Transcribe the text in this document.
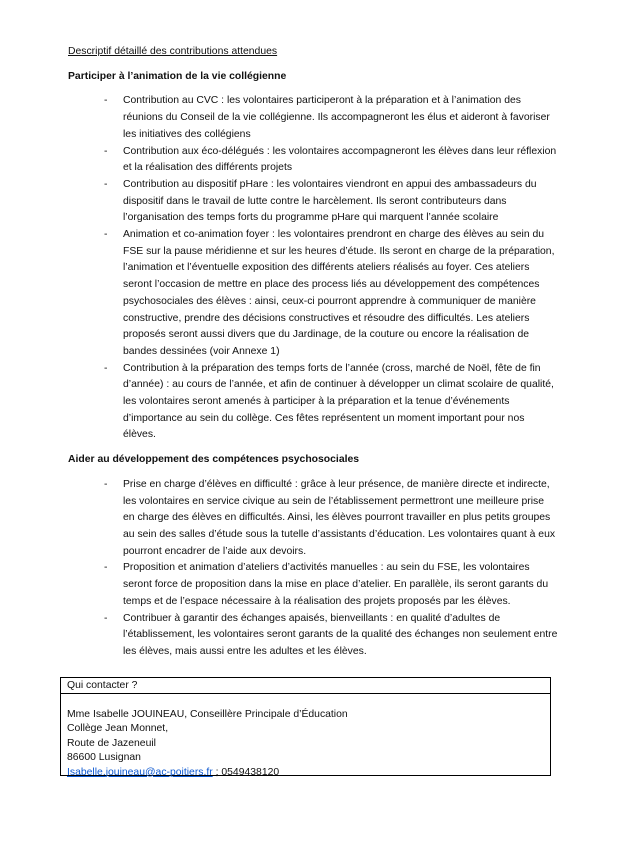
Descriptif détaillé des contributions attendues

Participer à l’animation de la vie collégienne

- Contribution au CVC : les volontaires participeront à la préparation et à l’animation des réunions du Conseil de la vie collégienne. Ils accompagneront les élus et aideront à favoriser les initiatives des collégiens
- Contribution aux éco-délégués : les volontaires accompagneront les élèves dans leur réflexion et la réalisation des différents projets
- Contribution au dispositif pHare : les volontaires viendront en appui des ambassadeurs du dispositif dans le travail de lutte contre le harcèlement. Ils seront contributeurs dans l’organisation des temps forts du programme pHare qui marquent l’année scolaire
- Animation et co-animation foyer : les volontaires prendront en charge des élèves au sein du FSE sur la pause méridienne et sur les heures d’étude. Ils seront en charge de la préparation, l’animation et l’éventuelle exposition des différents ateliers réalisés au foyer. Ces ateliers seront l’occasion de mettre en place des process liés au développement des compétences psychosociales des élèves : ainsi, ceux-ci pourront apprendre à communiquer de manière constructive, prendre des décisions constructives et résoudre des difficultés. Les ateliers proposés seront aussi divers que du Jardinage, de la couture ou encore la réalisation de bandes dessinées (voir Annexe 1)
- Contribution à la préparation des temps forts de l’année (cross, marché de Noël, fête de fin d’année) : au cours de l’année, et afin de continuer à développer un climat scolaire de qualité, les volontaires seront amenés à participer à la préparation et la tenue d’événements d’importance au sein du collège. Ces fêtes représentent un moment important pour nos élèves.

Aider au développement des compétences psychosociales

- Prise en charge d’élèves en difficulté : grâce à leur présence, de manière directe et indirecte, les volontaires en service civique au sein de l’établissement permettront une meilleure prise en charge des élèves en difficultés. Ainsi, les élèves pourront travailler en plus petits groupes au sein des salles d’étude sous la tutelle d’assistants d’éducation. Les volontaires quant à eux pourront encadrer de l’aide aux devoirs.
- Proposition et animation d’ateliers d’activités manuelles : au sein du FSE, les volontaires seront force de proposition dans la mise en place d’atelier. En parallèle, ils seront garants du temps et de l’espace nécessaire à la réalisation des projets proposés par les élèves.
- Contribuer à garantir des échanges apaisés, bienveillants : en qualité d’adultes de l’établissement, les volontaires seront garants de la qualité des échanges non seulement entre les élèves, mais aussi entre les adultes et les élèves.
Qui contacter ?
Mme Isabelle JOUINEAU, Conseillère Principale d’Éducation
Collège Jean Monnet,
Route de Jazeneuil
86600 Lusignan
Isabelle.jouineau@ac-poitiers.fr ; 0549438120
